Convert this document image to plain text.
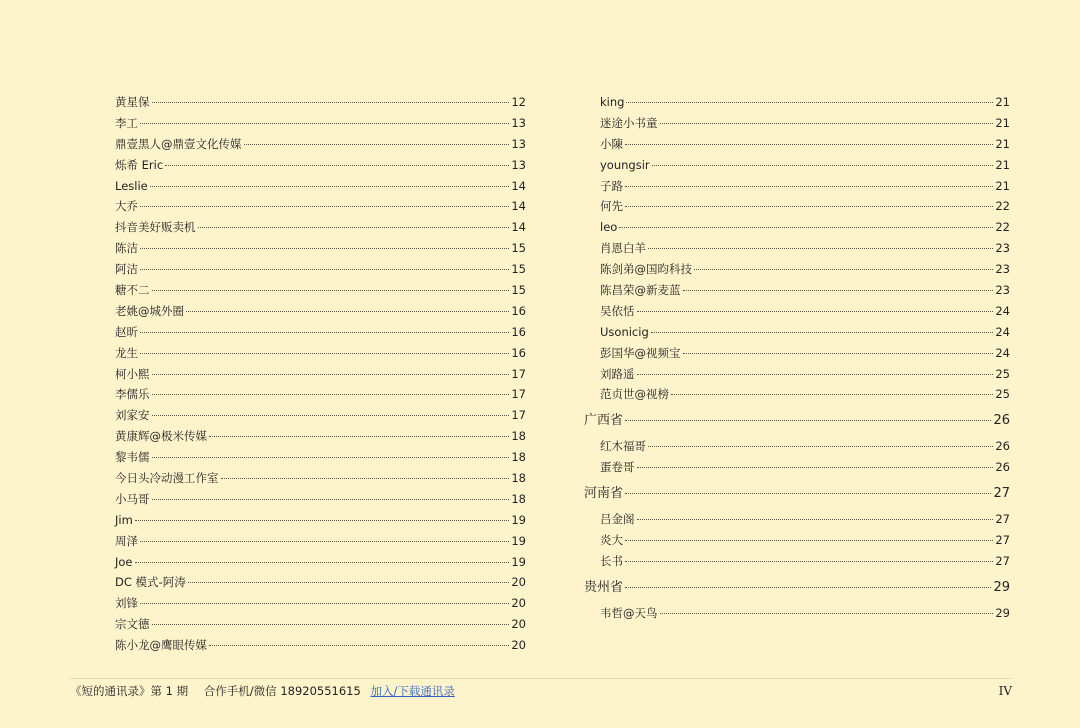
黄星保	12
李工	13
鼎壹黑人@鼎壹文化传媒	13
烁希 Eric	13
Leslie	14
大乔	14
抖音美好贩卖机	14
陈洁	15
阿洁	15
糖不二	15
老姚@城外圈	16
赵昕	16
龙生	16
柯小熙	17
李儒乐	17
刘家安	17
黄康辉@极米传媒	18
黎韦儒	18
今日头冷动漫工作室	18
小马哥	18
Jim	19
周泽	19
Joe	19
DC 模式-阿涛	20
刘锋	20
宗文德	20
陈小龙@鹰眼传媒	20
king	21
迷途小书童	21
小陳	21
youngsir	21
子路	21
何先	22
leo	22
肖恩白羊	23
陈剑弟@国昀科技	23
陈昌荣@新麦蓝	23
吴依恬	24
Usonicig	24
彭国华@视频宝	24
刘路遥	25
范贞世@视榜	25
广西省	26
红木福哥	26
蛋卷哥	26
河南省	27
吕金阁	27
炎大	27
长书	27
贵州省	29
韦哲@天鸟	29
《短的通讯录》第 1 期 合作手机/微信 18920551615 加入/下载通讯录	IV
